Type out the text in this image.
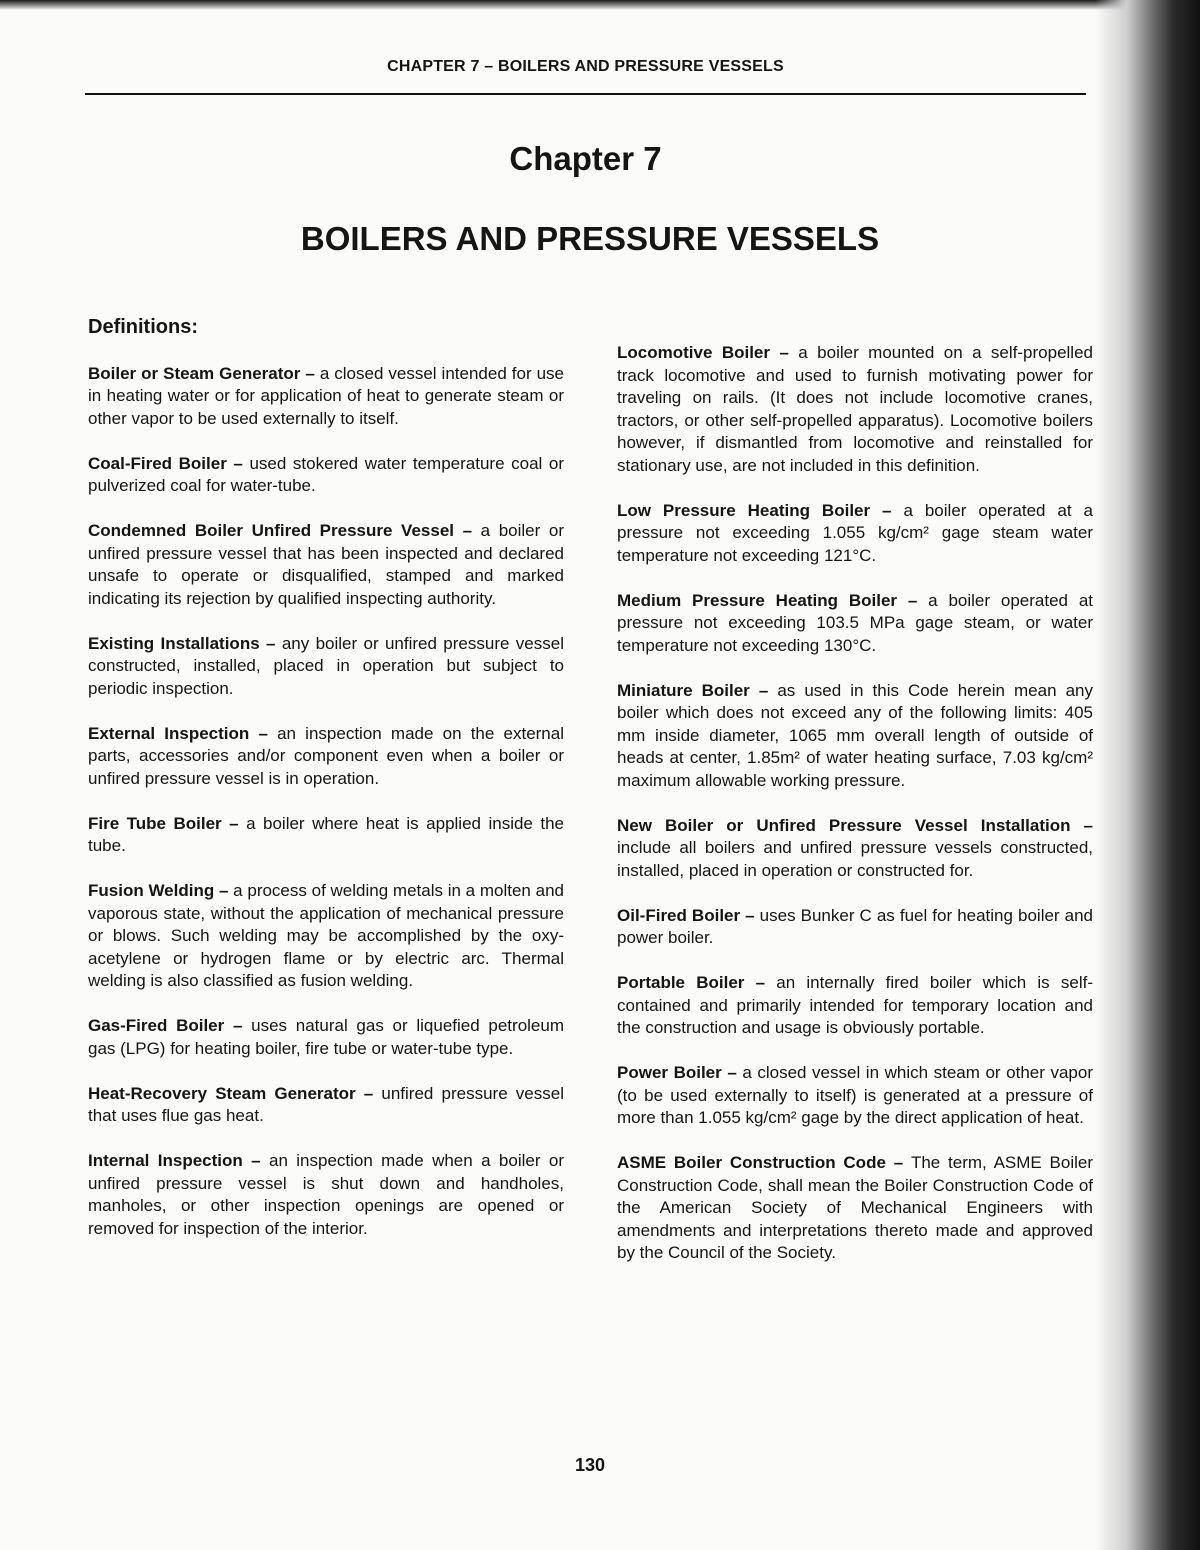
CHAPTER 7 – BOILERS AND PRESSURE VESSELS
Chapter 7
BOILERS AND PRESSURE VESSELS
Definitions:

Boiler or Steam Generator – a closed vessel intended for use in heating water or for application of heat to generate steam or other vapor to be used externally to itself.

Coal-Fired Boiler – used stokered water temperature coal or pulverized coal for water-tube.

Condemned Boiler Unfired Pressure Vessel – a boiler or unfired pressure vessel that has been inspected and declared unsafe to operate or disqualified, stamped and marked indicating its rejection by qualified inspecting authority.

Existing Installations – any boiler or unfired pressure vessel constructed, installed, placed in operation but subject to periodic inspection.

External Inspection – an inspection made on the external parts, accessories and/or component even when a boiler or unfired pressure vessel is in operation.

Fire Tube Boiler – a boiler where heat is applied inside the tube.

Fusion Welding – a process of welding metals in a molten and vaporous state, without the application of mechanical pressure or blows. Such welding may be accomplished by the oxy-acetylene or hydrogen flame or by electric arc. Thermal welding is also classified as fusion welding.

Gas-Fired Boiler – uses natural gas or liquefied petroleum gas (LPG) for heating boiler, fire tube or water-tube type.

Heat-Recovery Steam Generator – unfired pressure vessel that uses flue gas heat.

Internal Inspection – an inspection made when a boiler or unfired pressure vessel is shut down and handholes, manholes, or other inspection openings are opened or removed for inspection of the interior.

Locomotive Boiler – a boiler mounted on a self-propelled track locomotive and used to furnish motivating power for traveling on rails. (It does not include locomotive cranes, tractors, or other self-propelled apparatus). Locomotive boilers however, if dismantled from locomotive and reinstalled for stationary use, are not included in this definition.

Low Pressure Heating Boiler – a boiler operated at a pressure not exceeding 1.055 kg/cm² gage steam water temperature not exceeding 121°C.

Medium Pressure Heating Boiler – a boiler operated at pressure not exceeding 103.5 MPa gage steam, or water temperature not exceeding 130°C.

Miniature Boiler – as used in this Code herein mean any boiler which does not exceed any of the following limits: 405 mm inside diameter, 1065 mm overall length of outside of heads at center, 1.85m² of water heating surface, 7.03 kg/cm² maximum allowable working pressure.

New Boiler or Unfired Pressure Vessel Installation – include all boilers and unfired pressure vessels constructed, installed, placed in operation or constructed for.

Oil-Fired Boiler – uses Bunker C as fuel for heating boiler and power boiler.

Portable Boiler – an internally fired boiler which is self-contained and primarily intended for temporary location and the construction and usage is obviously portable.

Power Boiler – a closed vessel in which steam or other vapor (to be used externally to itself) is generated at a pressure of more than 1.055 kg/cm² gage by the direct application of heat.

ASME Boiler Construction Code – The term, ASME Boiler Construction Code, shall mean the Boiler Construction Code of the American Society of Mechanical Engineers with amendments and interpretations thereto made and approved by the Council of the Society.

130
